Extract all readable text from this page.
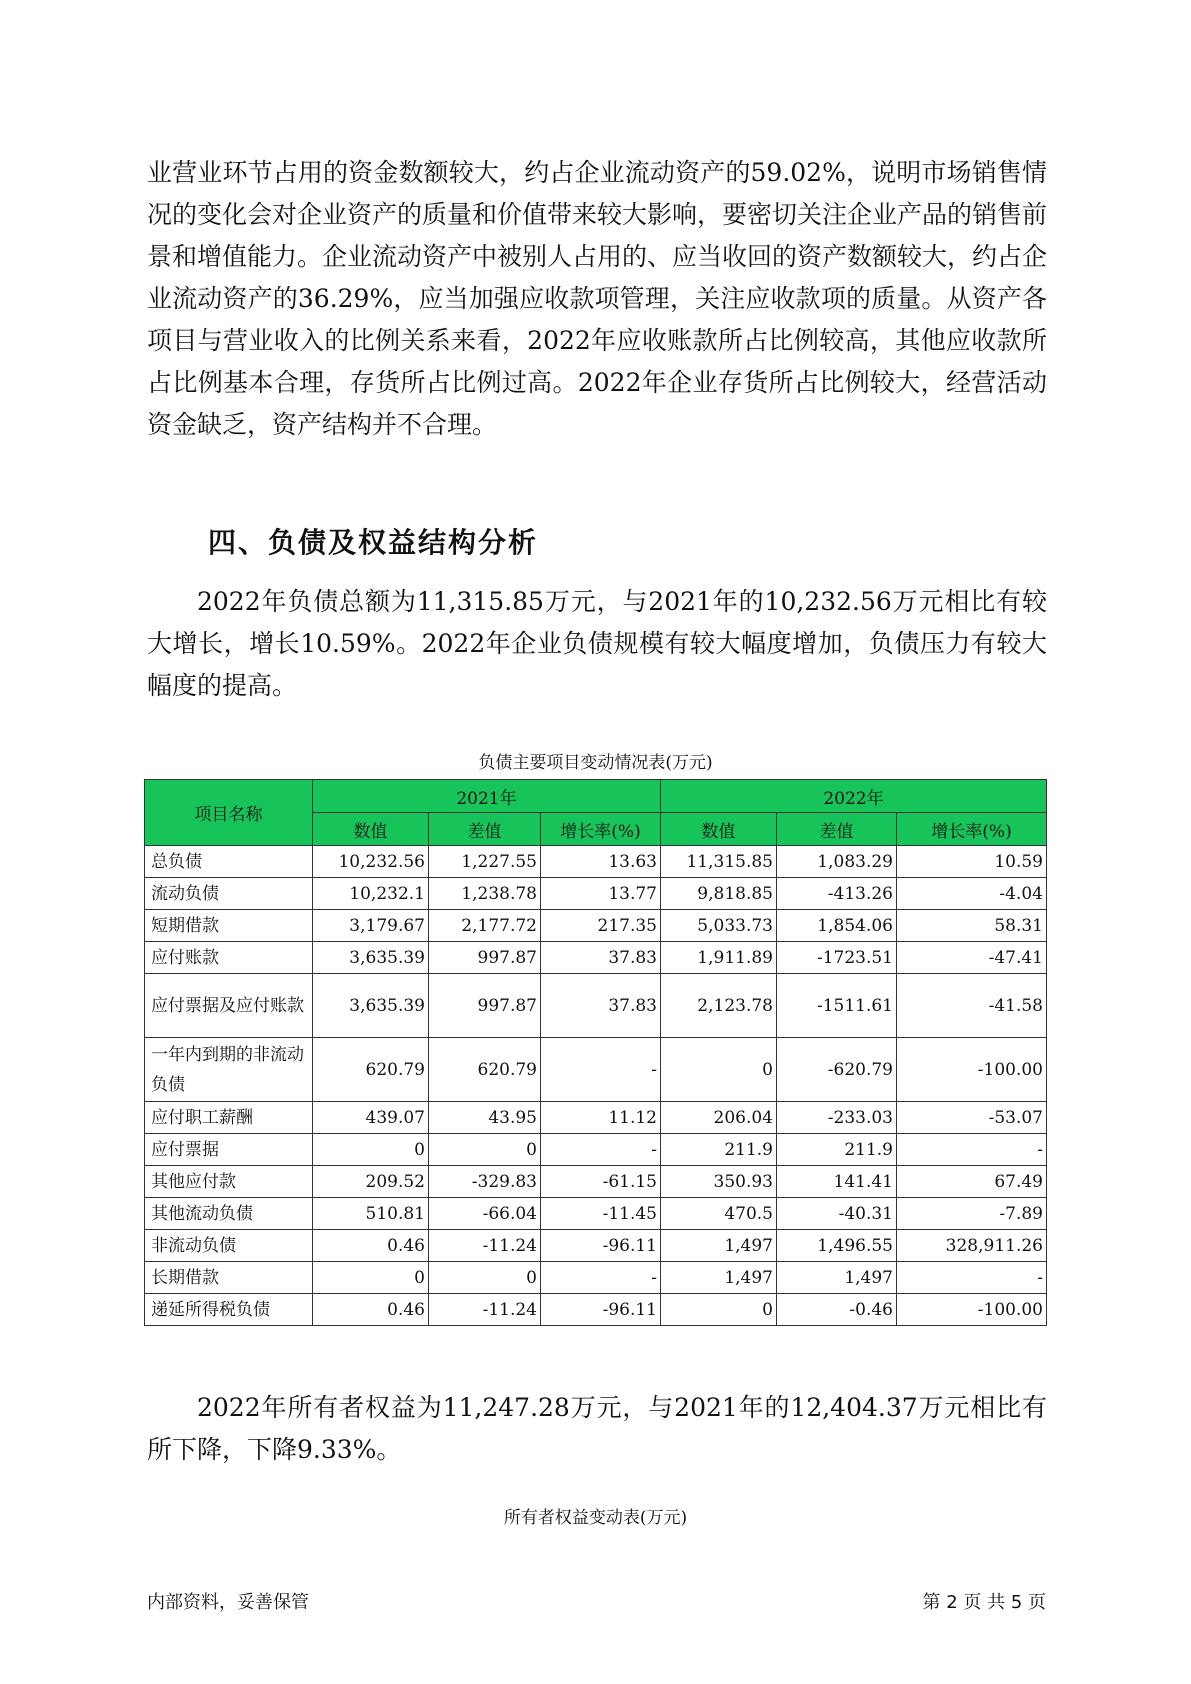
业营业环节占用的资金数额较大，约占企业流动资产的59.02%，说明市场销售情况的变化会对企业资产的质量和价值带来较大影响，要密切关注企业产品的销售前景和增值能力。企业流动资产中被别人占用的、应当收回的资产数额较大，约占企业流动资产的36.29%，应当加强应收款项管理，关注应收款项的质量。从资产各项目与营业收入的比例关系来看，2022年应收账款所占比例较高，其他应收款所占比例基本合理，存货所占比例过高。2022年企业存货所占比例较大，经营活动资金缺乏，资产结构并不合理。

四、负债及权益结构分析

2022年负债总额为11,315.85万元，与2021年的10,232.56万元相比有较大增长，增长10.59%。2022年企业负债规模有较大幅度增加，负债压力有较大幅度的提高。

负债主要项目变动情况表(万元)
项目名称	2021年			2022年		
	数值	差值	增长率(%)	数值	差值	增长率(%)
总负债	10,232.56	1,227.55	13.63	11,315.85	1,083.29	10.59
流动负债	10,232.1	1,238.78	13.77	9,818.85	-413.26	-4.04
短期借款	3,179.67	2,177.72	217.35	5,033.73	1,854.06	58.31
应付账款	3,635.39	997.87	37.83	1,911.89	-1723.51	-47.41
应付票据及应付账款	3,635.39	997.87	37.83	2,123.78	-1511.61	-41.58
一年内到期的非流动负债	620.79	620.79	-	0	-620.79	-100.00
应付职工薪酬	439.07	43.95	11.12	206.04	-233.03	-53.07
应付票据	0	0	-	211.9	211.9	-
其他应付款	209.52	-329.83	-61.15	350.93	141.41	67.49
其他流动负债	510.81	-66.04	-11.45	470.5	-40.31	-7.89
非流动负债	0.46	-11.24	-96.11	1,497	1,496.55	328,911.26
长期借款	0	0	-	1,497	1,497	-
递延所得税负债	0.46	-11.24	-96.11	0	-0.46	-100.00

2022年所有者权益为11,247.28万元，与2021年的12,404.37万元相比有所下降，下降9.33%。

所有者权益变动表(万元)
内部资料，妥善保管	第 2 页 共 5 页
